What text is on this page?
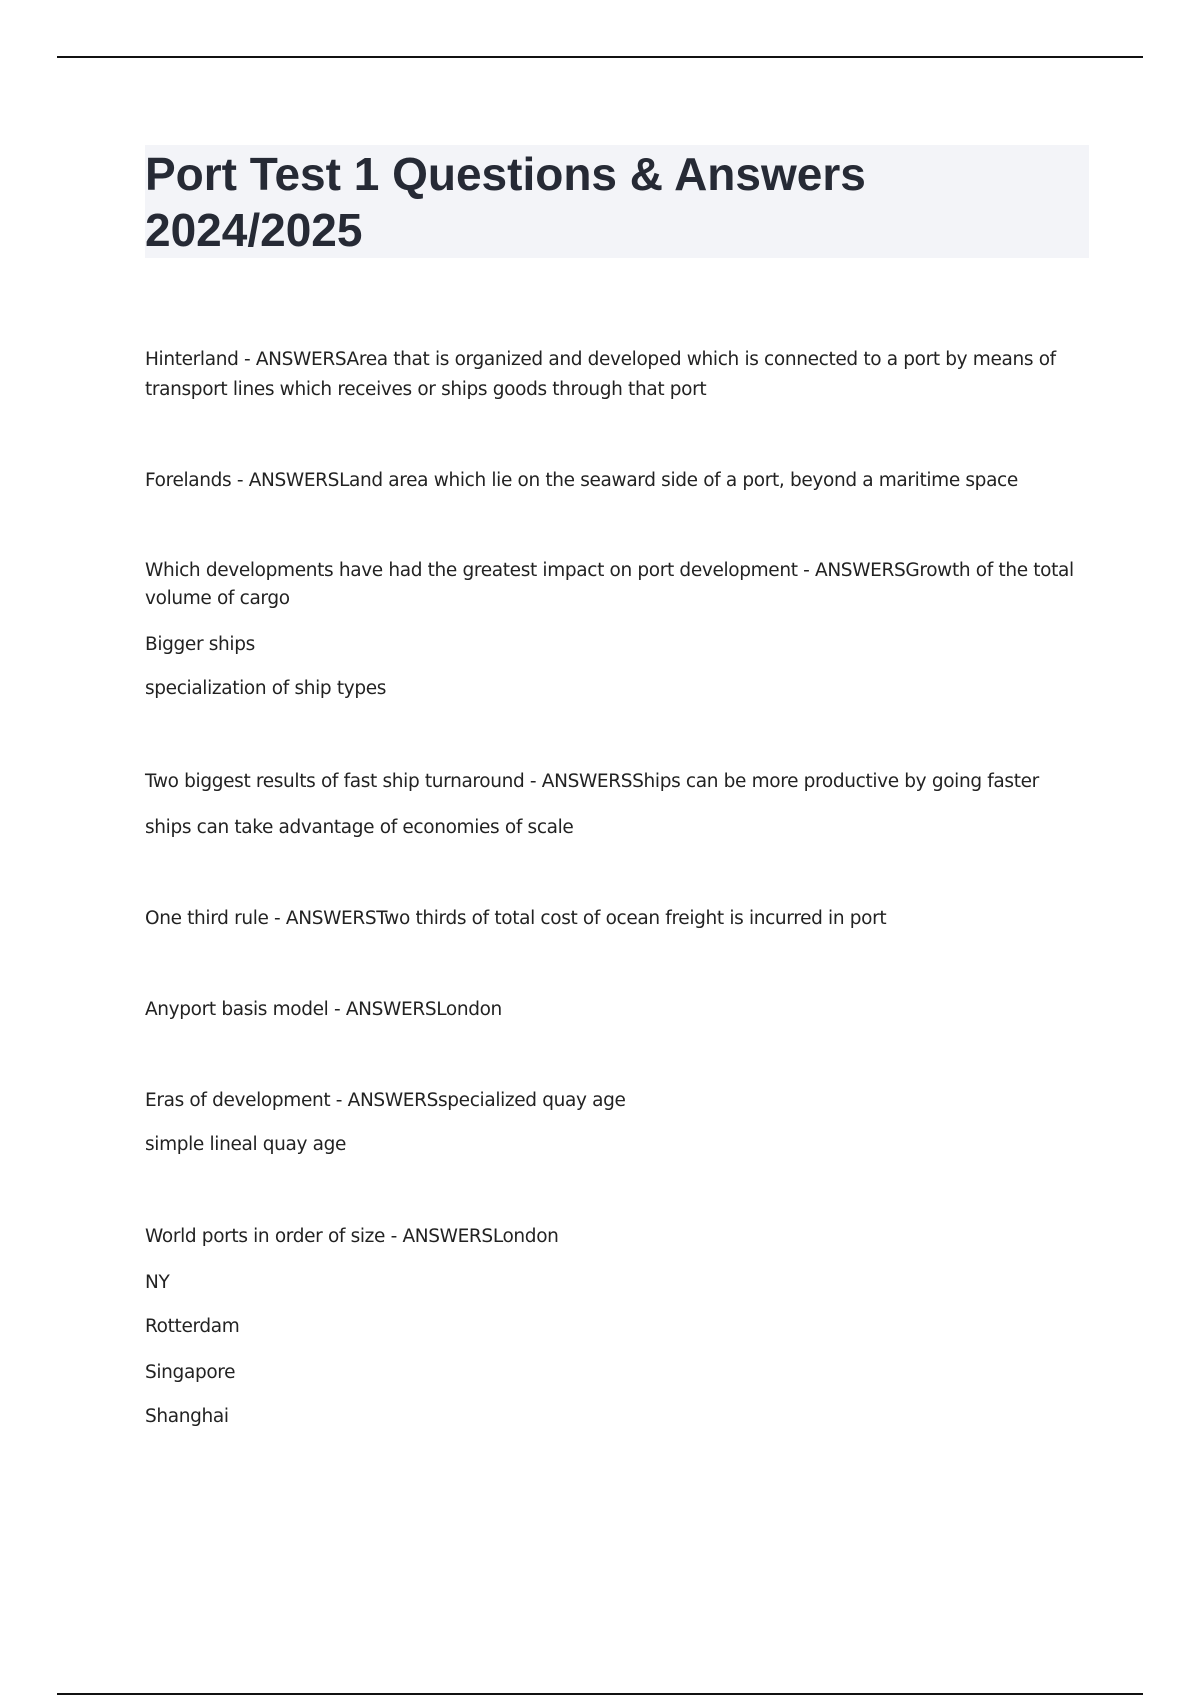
Port Test 1 Questions & Answers 2024/2025

Hinterland - ANSWERSArea that is organized and developed which is connected to a port by means of transport lines which receives or ships goods through that port

Forelands - ANSWERSLand area which lie on the seaward side of a port, beyond a maritime space

Which developments have had the greatest impact on port development - ANSWERSGrowth of the total volume of cargo

Bigger ships

specialization of ship types

Two biggest results of fast ship turnaround - ANSWERSShips can be more productive by going faster

ships can take advantage of economies of scale

One third rule - ANSWERSTwo thirds of total cost of ocean freight is incurred in port

Anyport basis model - ANSWERSLondon

Eras of development - ANSWERSspecialized quay age

simple lineal quay age

World ports in order of size - ANSWERSLondon

NY

Rotterdam

Singapore

Shanghai
